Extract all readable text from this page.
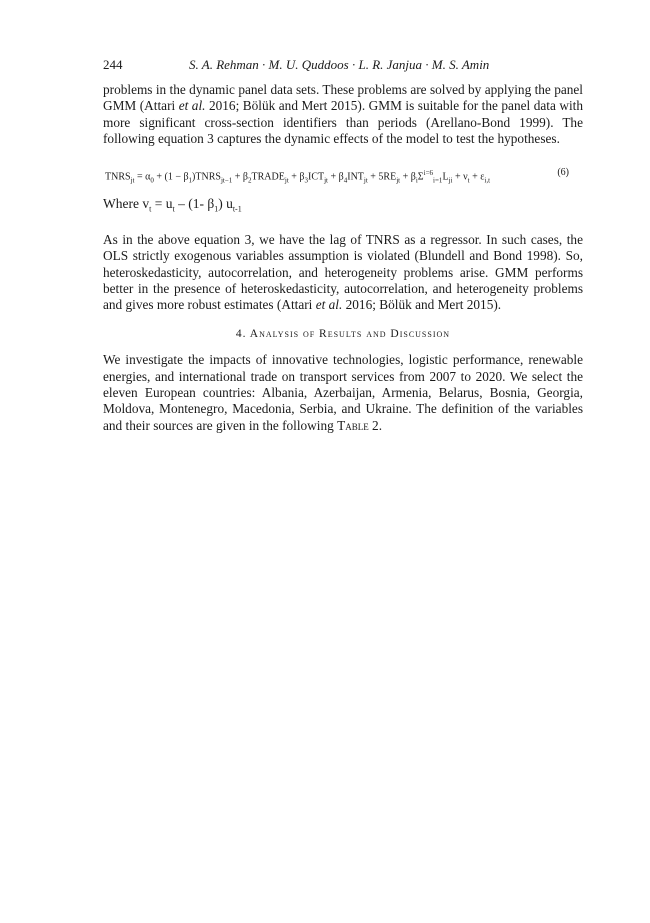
244	S. A. Rehman · M. U. Quddoos · L. R. Janjua · M. S. Amin

problems in the dynamic panel data sets. These problems are solved by applying the panel GMM (Attari et al. 2016; Bölük and Mert 2015). GMM is suitable for the panel data with more significant cross-section identifiers than periods (Arellano-Bond 1999). The following equation 3 captures the dynamic effects of the model to test the hypotheses.

$TNRS_{jt} = \alpha_0 + (1$ − $\beta_1)TNRS_{jt-1}$ + $\beta_2TRADE_{jt} + \beta_3ICT_{jt} + \beta_4INT_{jt} + 5RE_{jt} + \beta_i\Sigma^{i=6}_{i=1}L_{ji} + \nu_t + \varepsilon_{i,t}$
(6)

Where $v_t = u_t - (1-$ $\beta_1$) $u_{t-1}$

As in the above equation 3, we have the lag of TNRS as a regressor. In such cases, the OLS strictly exogenous variables assumption is violated (Blundell and Bond 1998). So, heteroskedasticity, autocorrelation, and heterogeneity problems arise. GMM performs better in the presence of heteroskedasticity, autocorrelation, and heterogeneity problems and gives more robust estimates (Attari et al. 2016; Bölük and Mert 2015).

4. Analysis of Results and Discussion

We investigate the impacts of innovative technologies, logistic performance, renewable energies, and international trade on transport services from 2007 to 2020. We select the eleven European countries: Albania, Azerbaijan, Armenia, Belarus, Bosnia, Georgia, Moldova, Montenegro, Macedonia, Serbia, and Ukraine. The definition of the variables and their sources are given in the following Table 2.
